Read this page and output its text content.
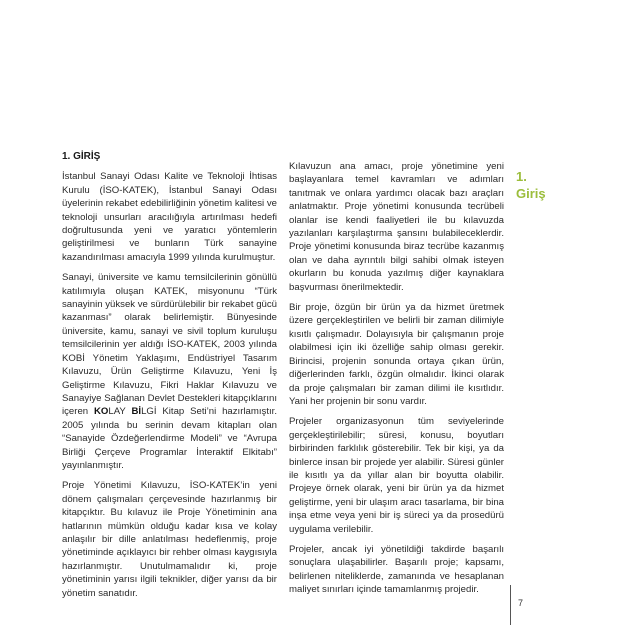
1. GİRİŞ

İstanbul Sanayi Odası Kalite ve Teknoloji İhtisas Kurulu (İSO-KATEK), İstanbul Sanayi Odası üyelerinin rekabet edebilirliğinin yönetim kalitesi ve teknoloji unsurları aracılığıyla artırılması hedefi doğrultusunda yeni ve yaratıcı yöntemlerin geliştirilmesi ve bunların Türk sanayine kazandırılması amacıyla 1999 yılında kurulmuştur.

Sanayi, üniversite ve kamu temsilcilerinin gönüllü katılımıyla oluşan KATEK, misyonunu “Türk sanayinin yüksek ve sürdürülebilir bir rekabet gücü kazanması” olarak belirlemiştir. Bünyesinde üniversite, kamu, sanayi ve sivil toplum kuruluşu temsilcilerinin yer aldığı İSO-KATEK, 2003 yılında KOBİ Yönetim Yaklaşımı, Endüstriyel Tasarım Kılavuzu, Ürün Geliştirme Kılavuzu, Yeni İş Geliştirme Kılavuzu, Fikri Haklar Kılavuzu ve Sanayiye Sağlanan Devlet Destekleri kitapçıklarını içeren KOLAY BİLGİ Kitap Seti’ni hazırlamıştır. 2005 yılında bu serinin devam kitapları olan “Sanayide Özdeğerlendirme Modeli” ve “Avrupa Birliği Çerçeve Programlar İnteraktif Elkitabı” yayınlanmıştır.

Proje Yönetimi Kılavuzu, İSO-KATEK’in yeni dönem çalışmaları çerçevesinde hazırlanmış bir kitapçıktır. Bu kılavuz ile Proje Yönetiminin ana hatlarının mümkün olduğu kadar kısa ve kolay anlaşılır bir dille anlatılması hedeflenmiş, proje yönetiminde açıklayıcı bir rehber olması kaygısıyla hazırlanmıştır. Unutulmamalıdır ki, proje yönetiminin yarısı ilgili teknikler, diğer yarısı da bir yönetim sanatıdır.

Kılavuzun ana amacı, proje yönetimine yeni başlayanlara temel kavramları ve adımları tanıtmak ve onlara yardımcı olacak bazı araçları anlatmaktır. Proje yönetimi konusunda tecrübeli olanlar ise kendi faaliyetleri ile bu kılavuzda yazılanları karşılaştırma şansını bulabileceklerdir. Proje yönetimi konusunda biraz tecrübe kazanmış olan ve daha ayrıntılı bilgi sahibi olmak isteyen okurların bu konuda yazılmış diğer kaynaklara başvurması önerilmektedir.

Bir proje, özgün bir ürün ya da hizmet üretmek üzere gerçekleştirilen ve belirli bir zaman dilimiyle kısıtlı çalışmadır. Dolayısıyla bir çalışmanın proje olabilmesi için iki özelliğe sahip olması gerekir. Birincisi, projenin sonunda ortaya çıkan ürün, diğerlerinden farklı, özgün olmalıdır. İkinci olarak da proje çalışmaları bir zaman dilimi ile kısıtlıdır. Yani her projenin bir sonu vardır.

Projeler organizasyonun tüm seviyelerinde gerçekleştirilebilir; süresi, konusu, boyutları birbirinden farklılık gösterebilir. Tek bir kişi, ya da binlerce insan bir projede yer alabilir. Süresi günler ile kısıtlı ya da yıllar alan bir boyutta olabilir. Projeye örnek olarak, yeni bir ürün ya da hizmet geliştirme, yeni bir ulaşım aracı tasarlama, bir bina inşa etme veya yeni bir iş süreci ya da prosedürü uygulama verilebilir.

Projeler, ancak iyi yönetildiği takdirde başarılı sonuçlara ulaşabilirler. Başarılı proje; kapsamı, belirlenen niteliklerde, zamanında ve hesaplanan maliyet sınırları içinde tamamlanmış projedir.

1.
Giriş
7
